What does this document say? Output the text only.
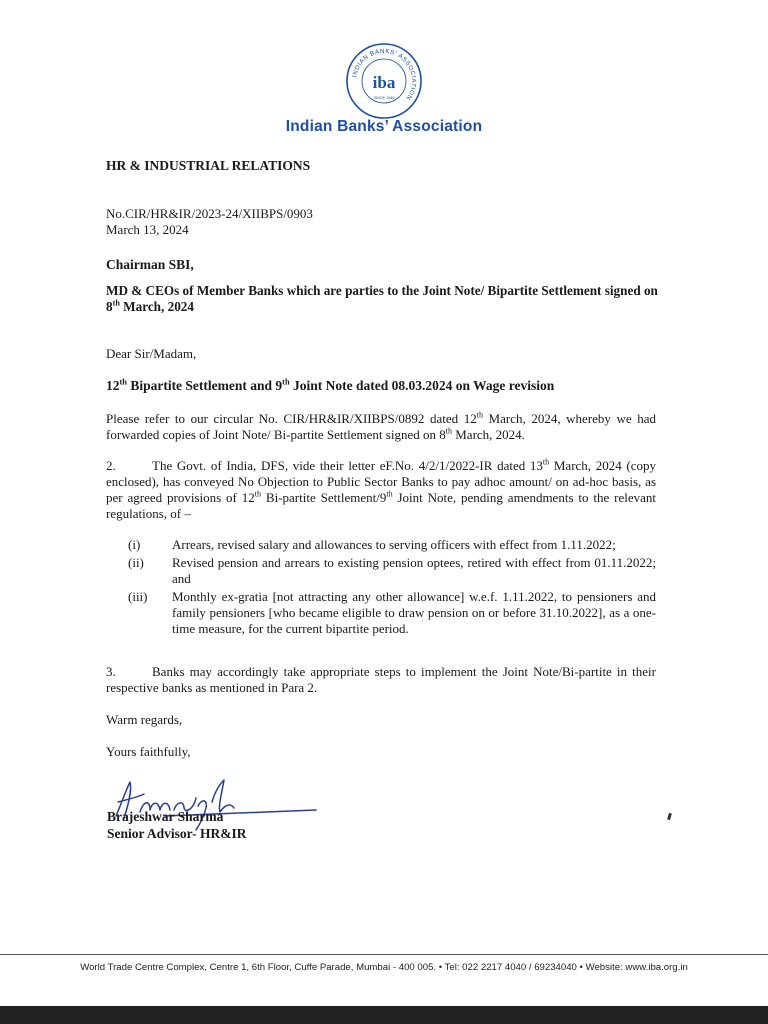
INDIAN BANKS' ASSOCIATION
iba
SINCE 1946
Indian Banks’ Association
HR & INDUSTRIAL RELATIONS
No.CIR/HR&IR/2023-24/XIIBPS/0903
March 13, 2024
Chairman SBI,
MD & CEOs of Member Banks which are parties to the Joint Note/ Bipartite Settlement signed on 8th March, 2024
Dear Sir/Madam,
12th Bipartite Settlement and 9th Joint Note dated 08.03.2024 on Wage revision
Please refer to our circular No. CIR/HR&IR/XIIBPS/0892 dated 12th March, 2024, whereby we had forwarded copies of Joint Note/ Bi-partite Settlement signed on 8th March, 2024.
2.	The Govt. of India, DFS, vide their letter eF.No. 4/2/1/2022-IR dated 13th March, 2024 (copy enclosed), has conveyed No Objection to Public Sector Banks to pay adhoc amount/ on ad-hoc basis, as per agreed provisions of 12th Bi-partite Settlement/9th Joint Note, pending amendments to the relevant regulations, of –
(i)	Arrears, revised salary and allowances to serving officers with effect from 1.11.2022;
(ii)	Revised pension and arrears to existing pension optees, retired with effect from 01.11.2022; and
(iii)	Monthly ex-gratia [not attracting any other allowance] w.e.f. 1.11.2022, to pensioners and family pensioners [who became eligible to draw pension on or before 31.10.2022], as a one-time measure, for the current bipartite period.
3.	Banks may accordingly take appropriate steps to implement the Joint Note/Bi-partite in their respective banks as mentioned in Para 2.
Warm regards,
Yours faithfully,
Brajeshwar Sharma
Senior Advisor- HR&IR
World Trade Centre Complex, Centre 1, 6th Floor, Cuffe Parade, Mumbai - 400 005. • Tel: 022 2217 4040 / 69234040 • Website: www.iba.org.in
